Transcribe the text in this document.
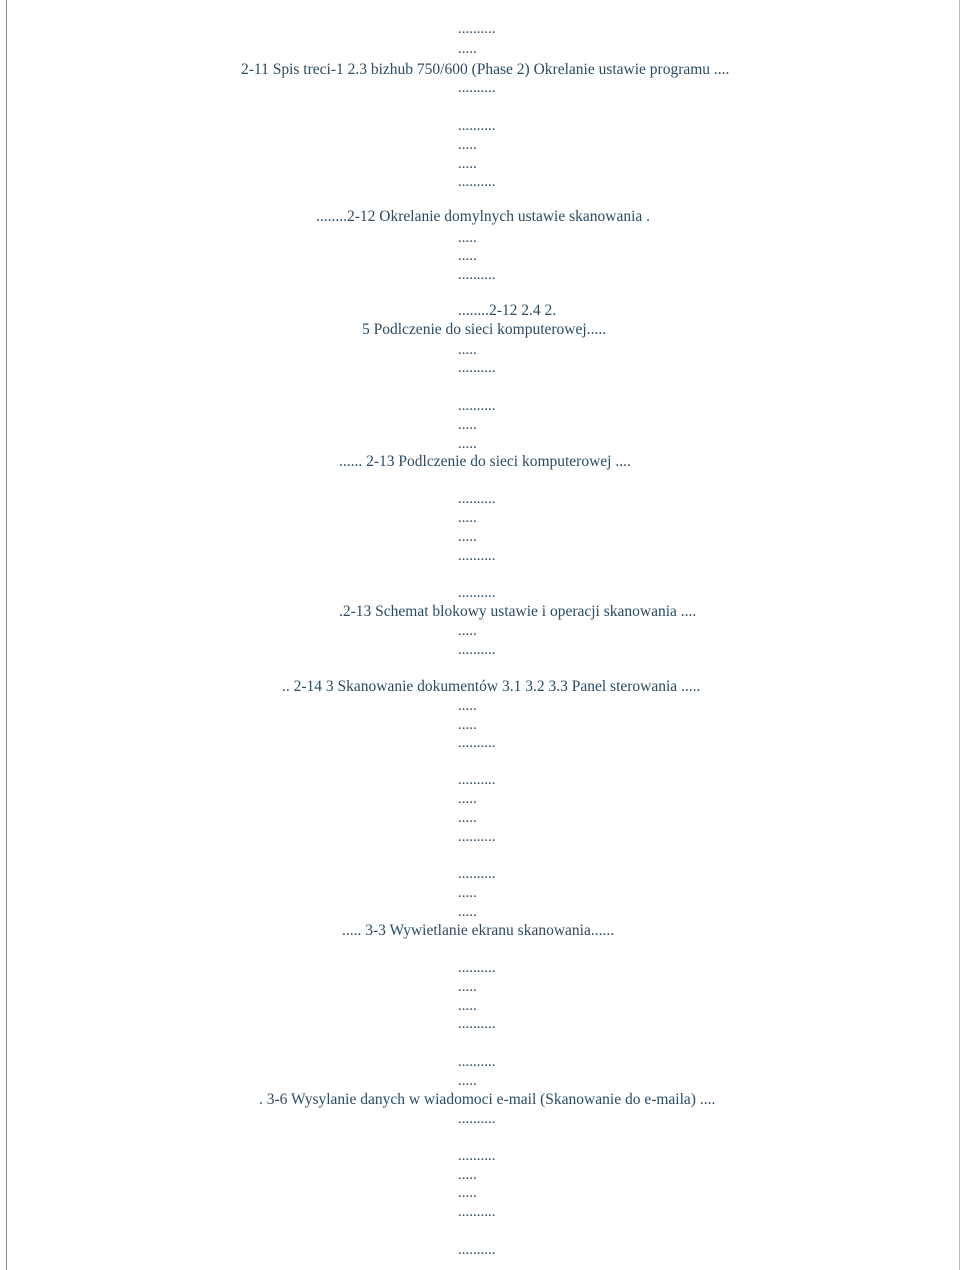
..........

.....

2-11 Spis treci-1 2.3 bizhub 750/600 (Phase 2) Okrelanie ustawie programu ....

..........

..........

.....

.....

..........

........2-12 Okrelanie domylnych ustawie skanowania .

.....

.....

..........

........2-12 2.4 2.

5 Podlczenie do sieci komputerowej.....

.....

..........

..........

.....

.....

...... 2-13 Podlczenie do sieci komputerowej ....

..........

.....

.....

..........

..........

.2-13 Schemat blokowy ustawie i operacji skanowania ....

.....

..........

.. 2-14 3 Skanowanie dokumentów 3.1 3.2 3.3 Panel sterowania .....

.....

.....

..........

..........

.....

.....

..........

..........

.....

.....

..... 3-3 Wywietlanie ekranu skanowania......

..........

.....

.....

..........

..........

.....

. 3-6 Wysylanie danych w wiadomoci e-mail (Skanowanie do e-maila) ....

..........

..........

.....

.....

..........

..........
